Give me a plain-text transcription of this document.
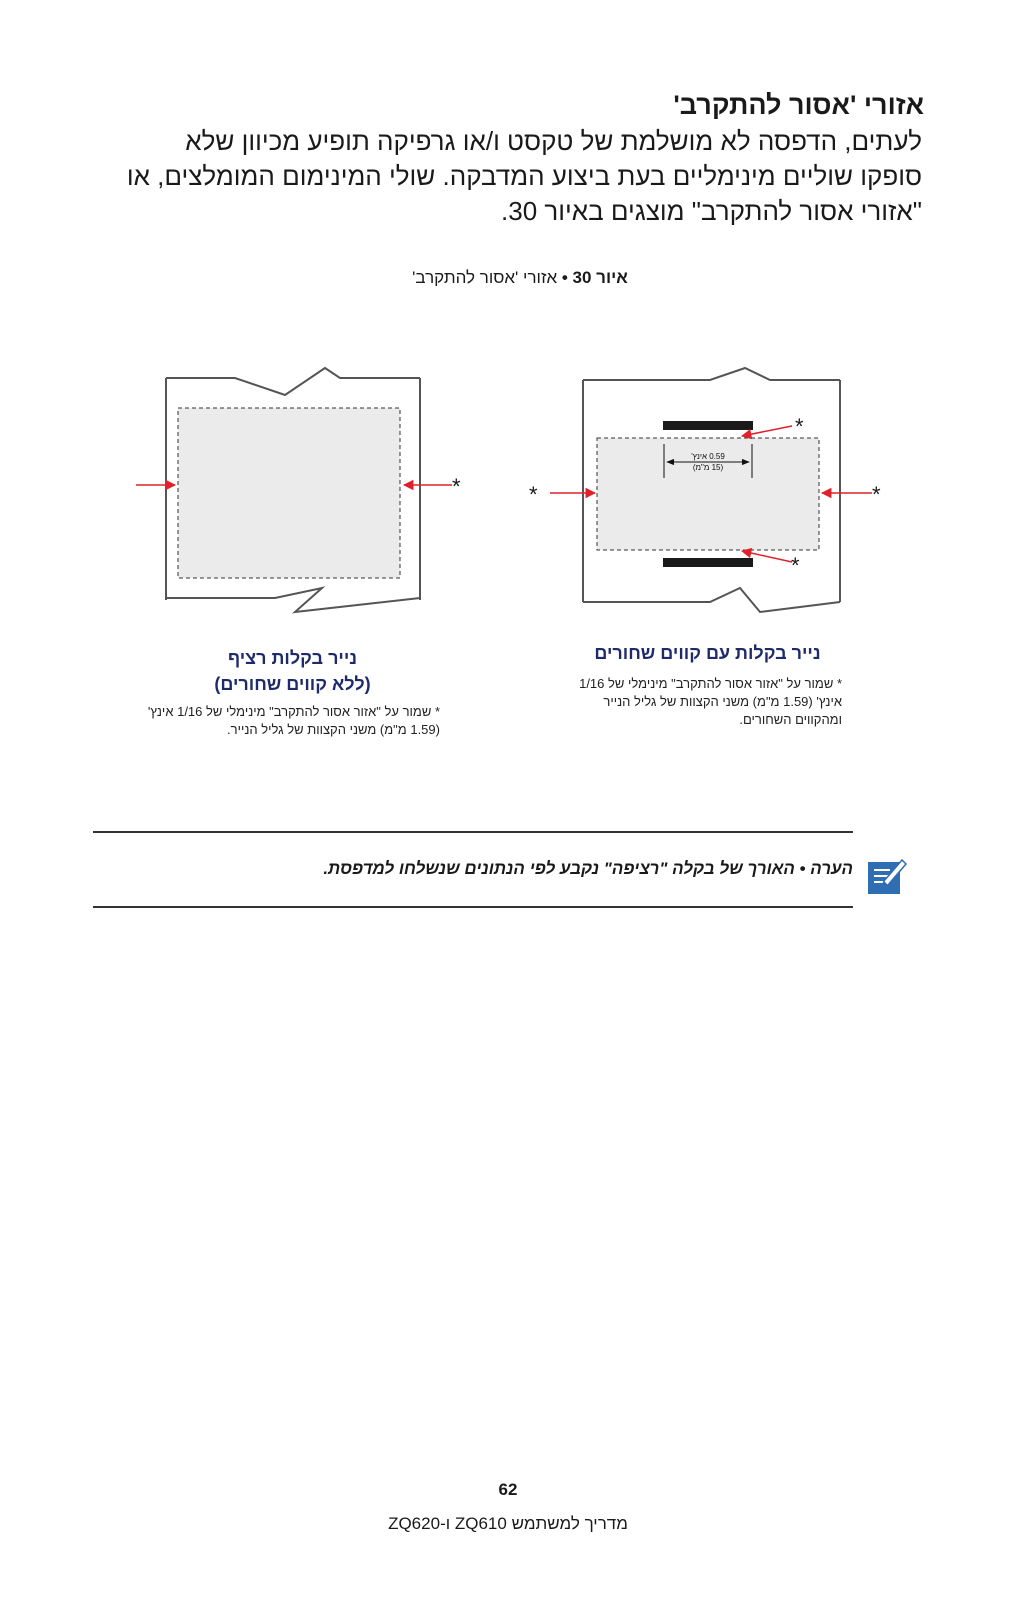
אזורי 'אסור להתקרב'
לעתים, הדפסה לא מושלמת של טקסט ו/או גרפיקה תופיע מכיוון שלא סופקו שוליים מינימליים בעת ביצוע המדבקה. שולי המינימום המומלצים, או "אזורי אסור להתקרב" מוצגים באיור 30.
איור 30 • אזורי 'אסור להתקרב'
0.59 אינץ'
(15 מ"מ)
*	*	*
*
*
נייר בקלות עם קווים שחורים
* שמור על "אזור אסור להתקרב" מינימלי של 1/16 אינץ' (1.59 מ"מ) משני הקצוות של גליל הנייר ומהקווים השחורים.
נייר בקלות רציף
(ללא קווים שחורים)
* שמור על "אזור אסור להתקרב" מינימלי של 1/16 אינץ' (1.59 מ"מ) משני הקצוות של גליל הנייר.
הערה • האורך של בקלה "רציפה" נקבע לפי הנתונים שנשלחו למדפסת.
62
מדריך למשתמש ZQ610 ו-ZQ620
